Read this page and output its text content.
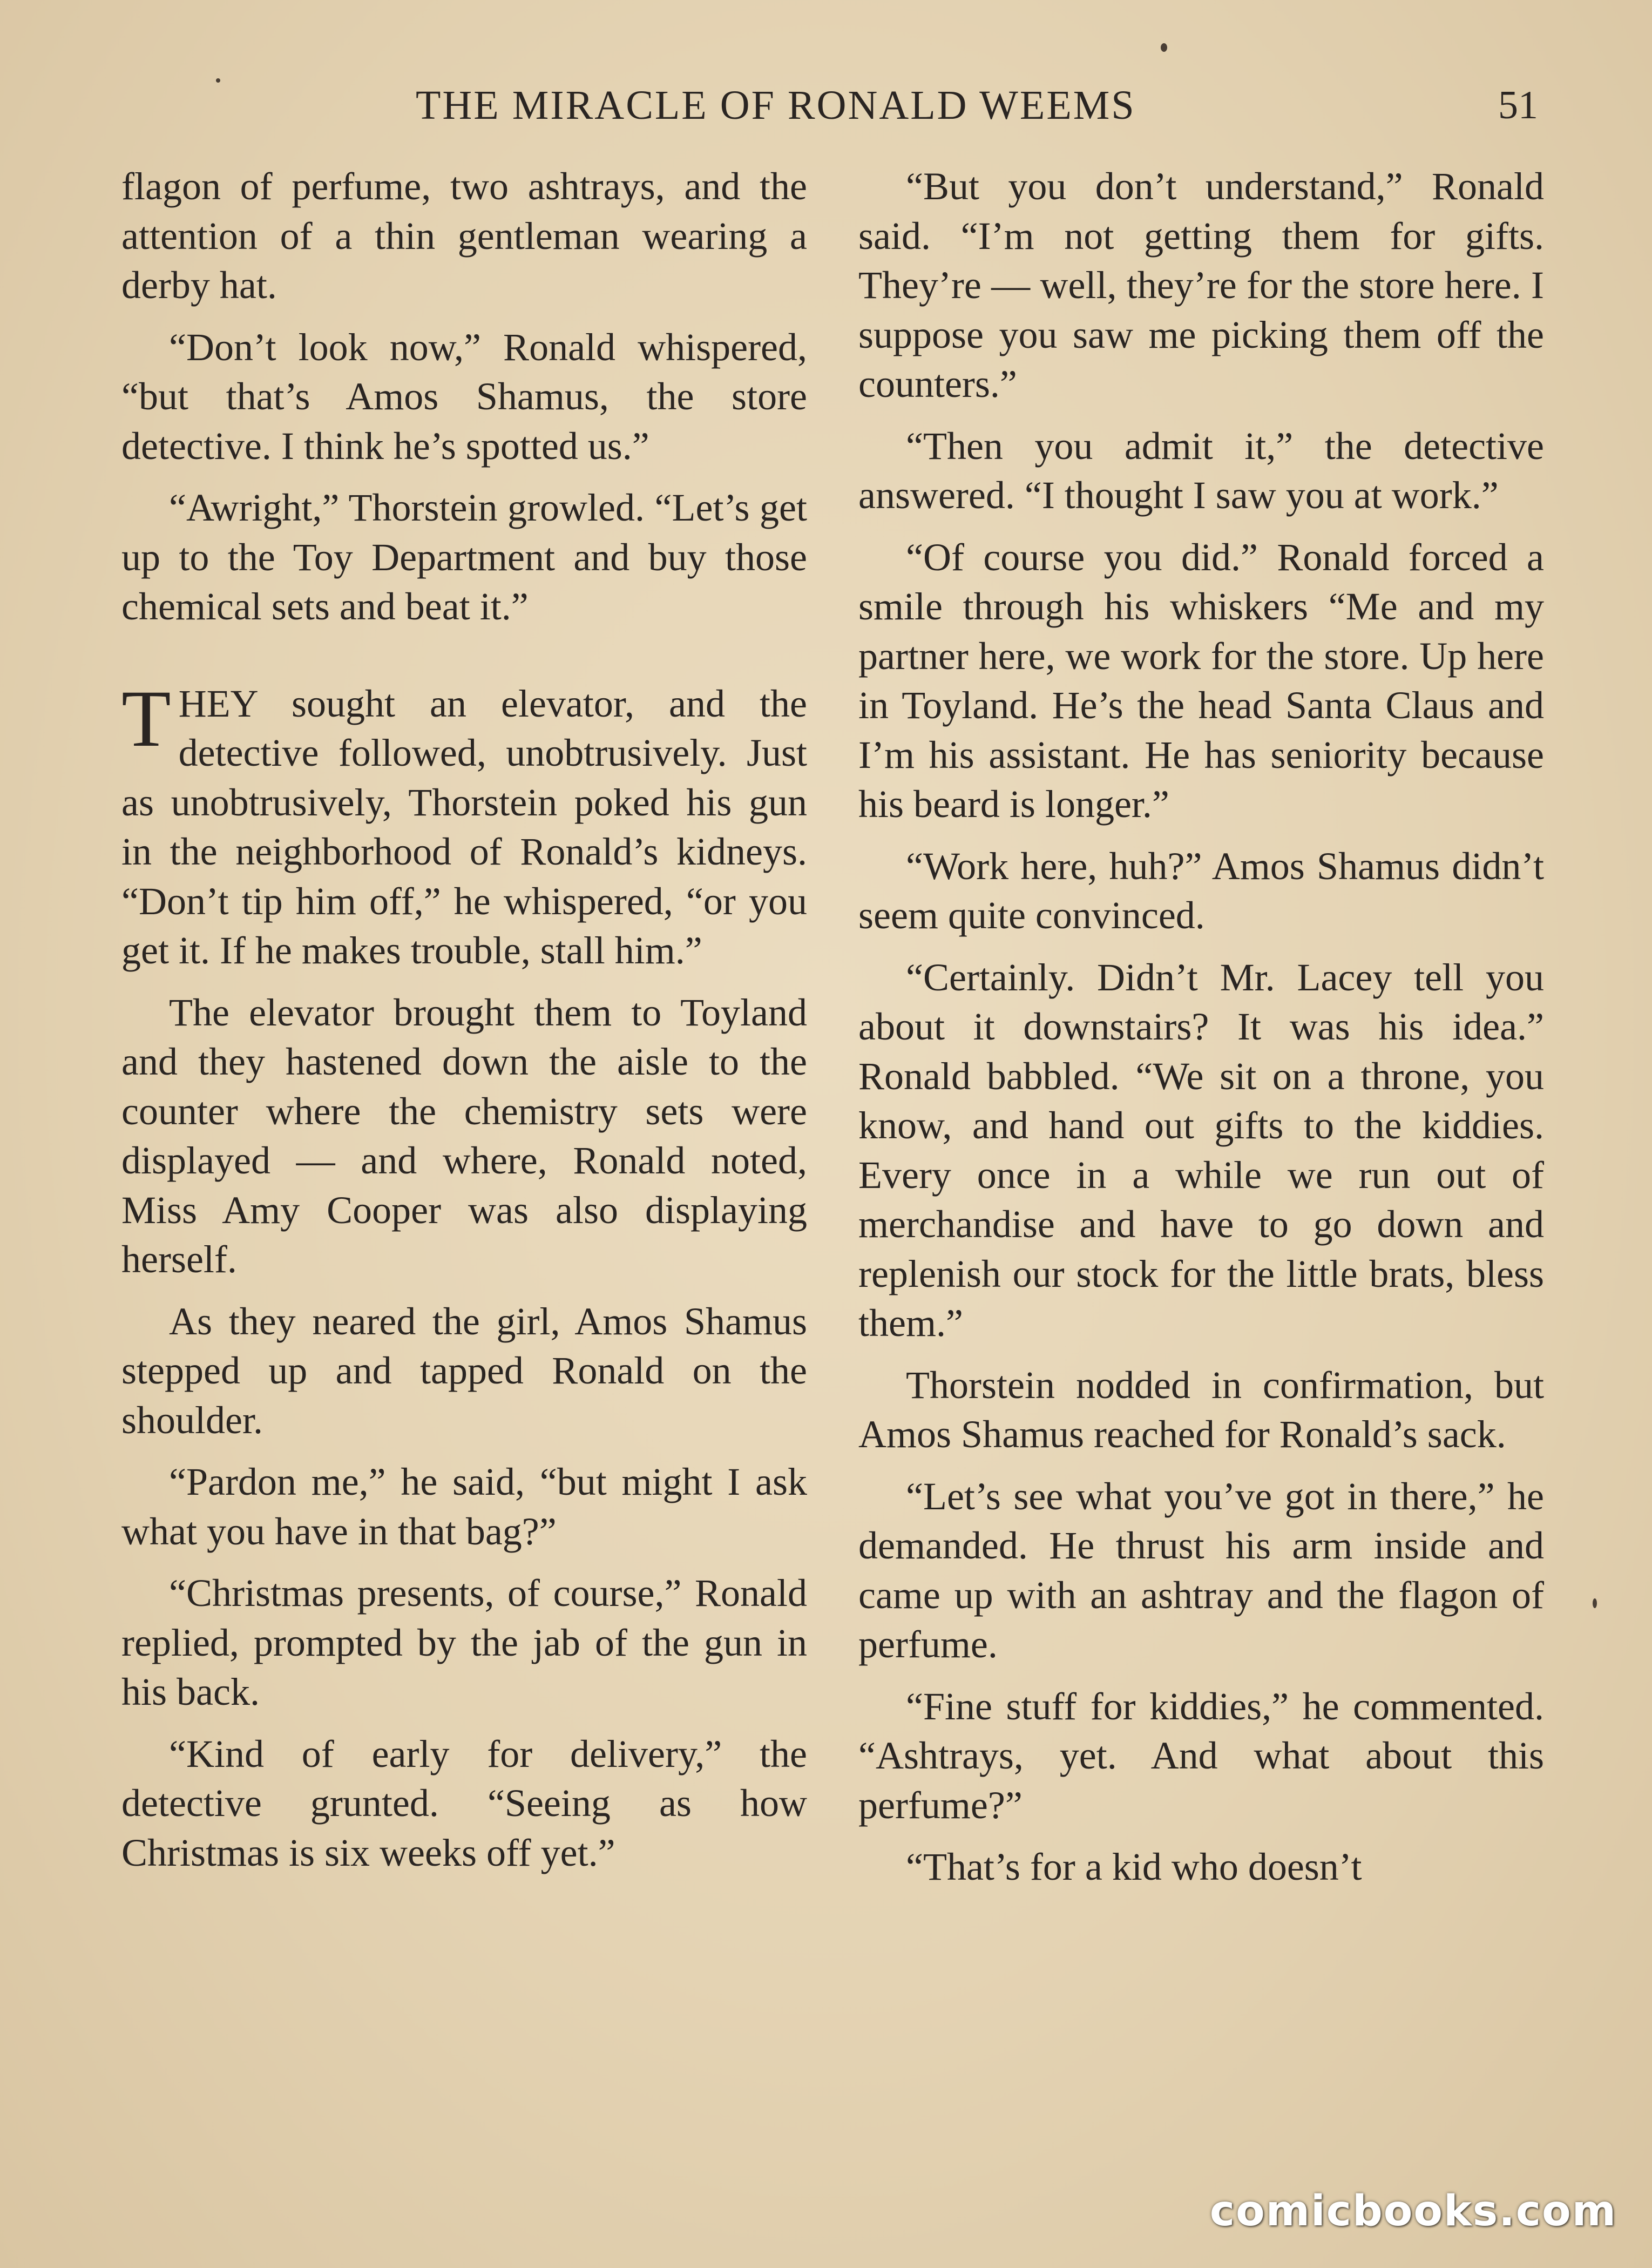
THE MIRACLE OF RONALD WEEMS	51

flagon of perfume, two ashtrays, and the attention of a thin gentleman wearing a derby hat.

“Don’t look now,” Ronald whispered, “but that’s Amos Shamus, the store detective. I think he’s spotted us.”

“Awright,” Thorstein growled. “Let’s get up to the Toy Department and buy those chemical sets and beat it.”

THEY sought an elevator, and the detective followed, unobtrusively. Just as unobtrusively, Thorstein poked his gun in the neighborhood of Ronald’s kidneys. “Don’t tip him off,” he whispered, “or you get it. If he makes trouble, stall him.”

The elevator brought them to Toyland and they hastened down the aisle to the counter where the chemistry sets were displayed — and where, Ronald noted, Miss Amy Cooper was also displaying herself.

As they neared the girl, Amos Shamus stepped up and tapped Ronald on the shoulder.

“Pardon me,” he said, “but might I ask what you have in that bag?”

“Christmas presents, of course,” Ronald replied, prompted by the jab of the gun in his back.

“Kind of early for delivery,” the detective grunted. “Seeing as how Christmas is six weeks off yet.”

“But you don’t understand,” Ronald said. “I’m not getting them for gifts. They’re — well, they’re for the store here. I suppose you saw me picking them off the counters.”

“Then you admit it,” the detective answered. “I thought I saw you at work.”

“Of course you did.” Ronald forced a smile through his whiskers “Me and my partner here, we work for the store. Up here in Toyland. He’s the head Santa Claus and I’m his assistant. He has seniority because his beard is longer.”

“Work here, huh?” Amos Shamus didn’t seem quite convinced.

“Certainly. Didn’t Mr. Lacey tell you about it downstairs? It was his idea.” Ronald babbled. “We sit on a throne, you know, and hand out gifts to the kiddies. Every once in a while we run out of merchandise and have to go down and replenish our stock for the little brats, bless them.”

Thorstein nodded in confirmation, but Amos Shamus reached for Ronald’s sack.

“Let’s see what you’ve got in there,” he demanded. He thrust his arm inside and came up with an ashtray and the flagon of perfume.

“Fine stuff for kiddies,” he commented. “Ashtrays, yet. And what about this perfume?”

“That’s for a kid who doesn’t

comicbooks.com
